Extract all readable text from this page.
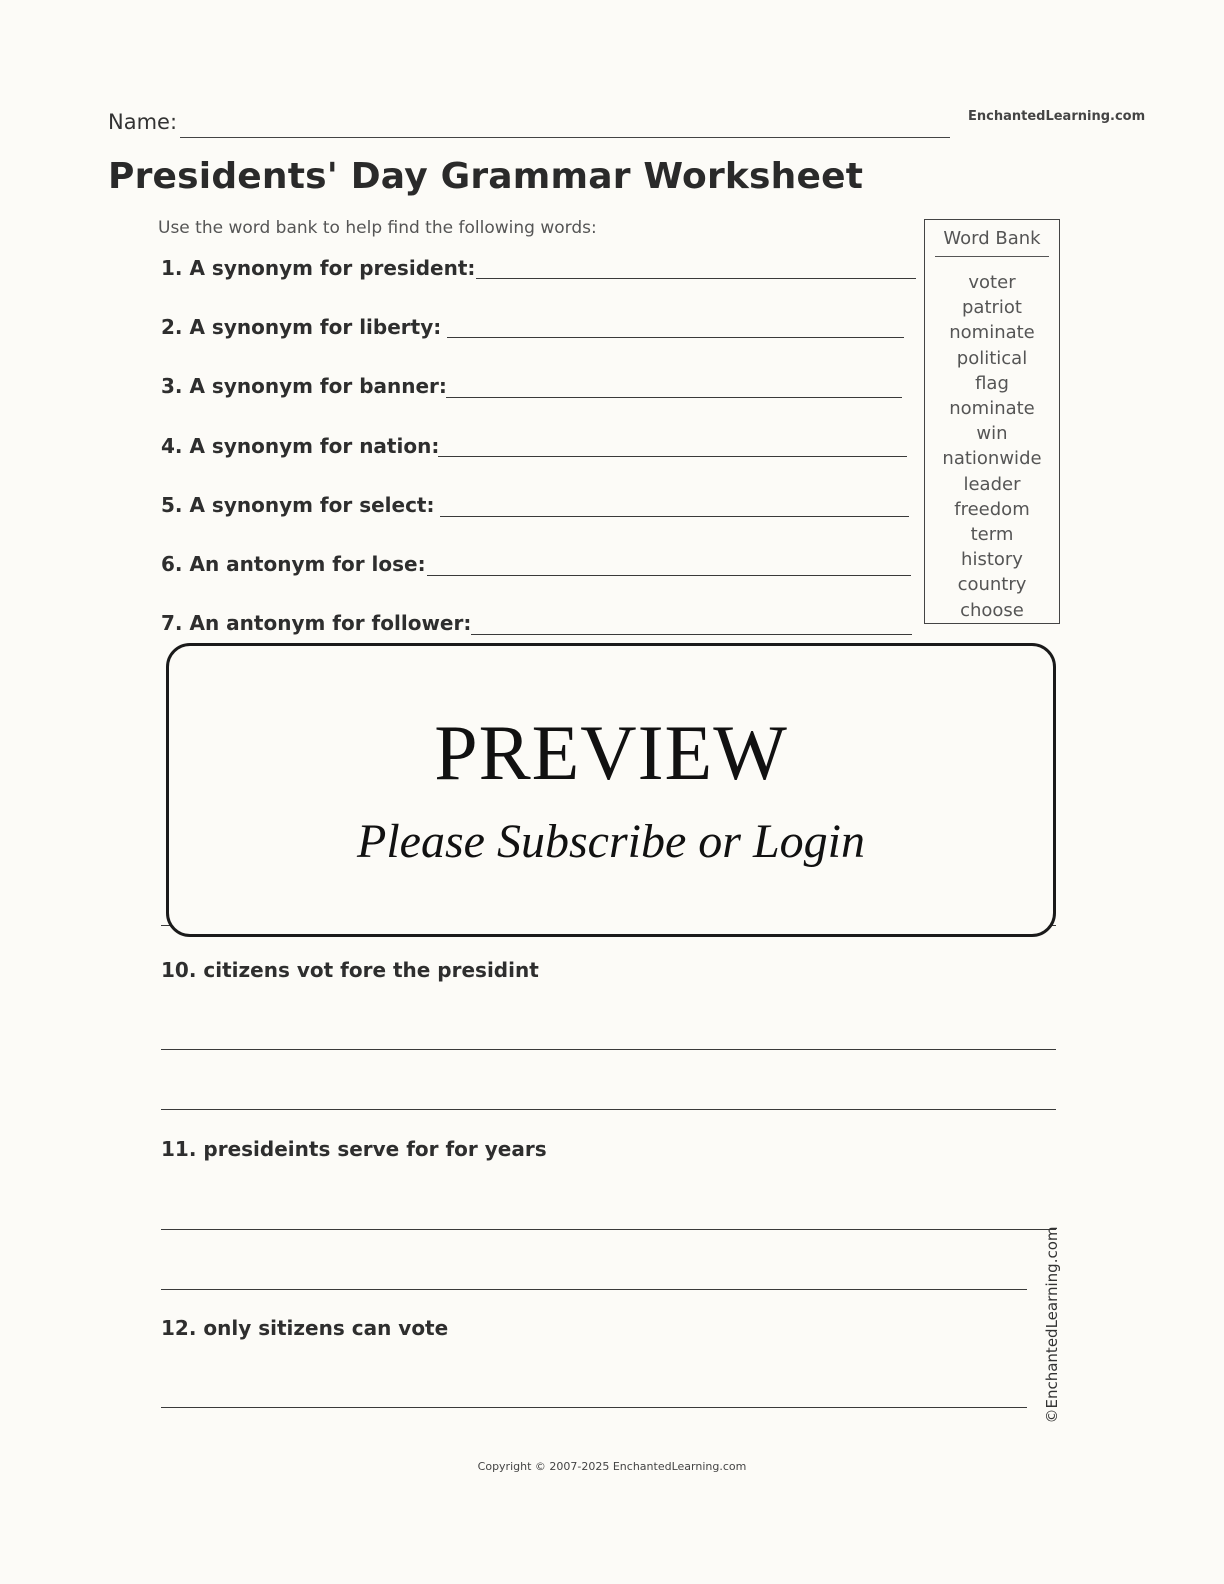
Name:	EnchantedLearning.com
Presidents' Day Grammar Worksheet
Use the word bank to help find the following words:
1. A synonym for president:
2. A synonym for liberty:
3. A synonym for banner:
4. A synonym for nation:
5. A synonym for select:
6. An antonym for lose:
7. An antonym for follower:
Word Bank
voter
patriot
nominate
political
flag
nominate
win
nationwide
leader
freedom
term
history
country
choose
PREVIEW
Please Subscribe or Login
10. citizens vot fore the presidint
11. presideints serve for for years
12. only sitizens can vote	©EnchantedLearning.com
Copyright © 2007-2025 EnchantedLearning.com
